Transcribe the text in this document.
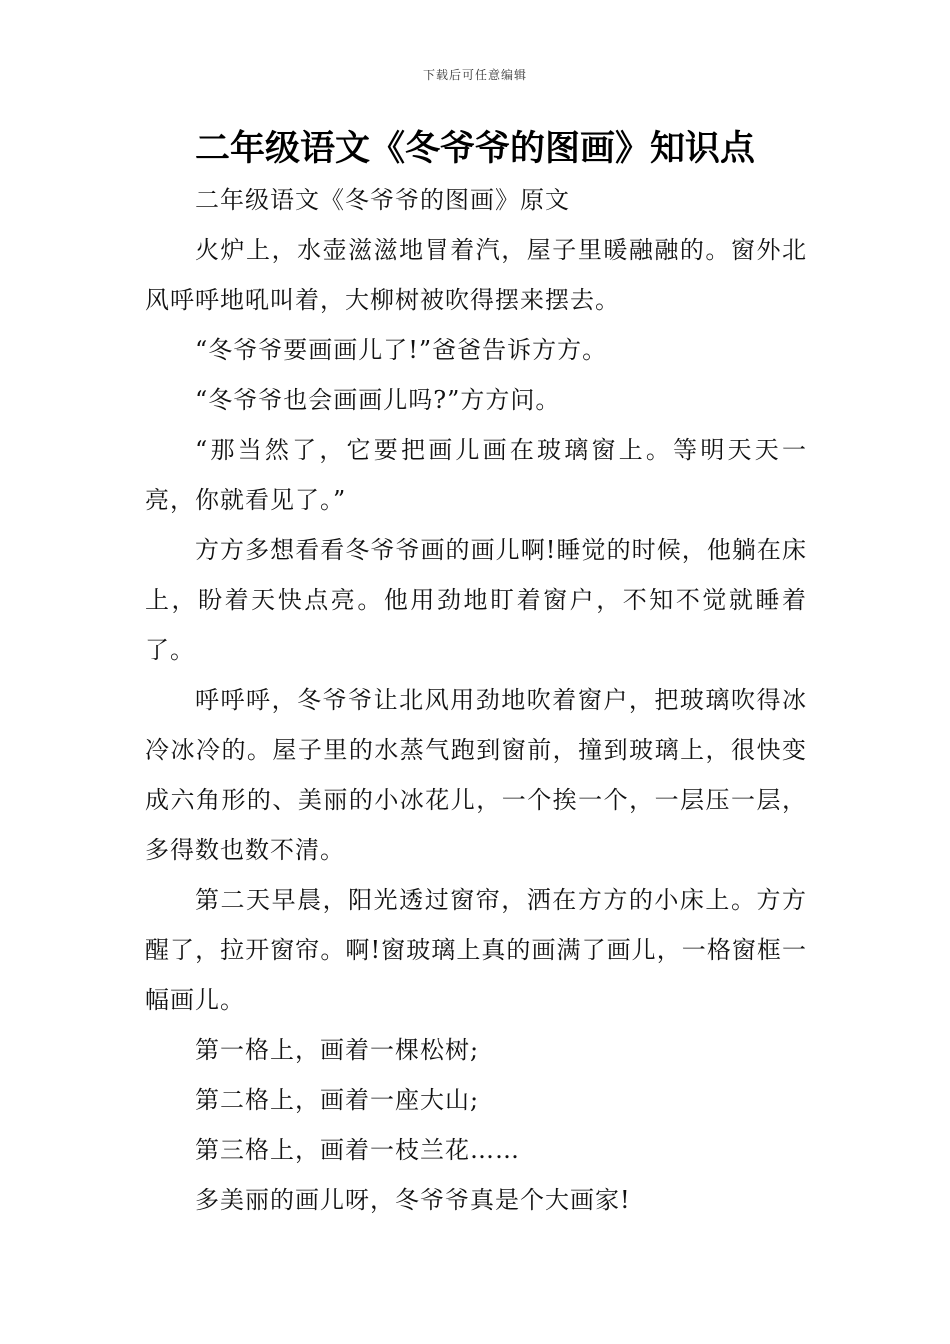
下载后可任意编辑
二年级语文《冬爷爷的图画》知识点

二年级语文《冬爷爷的图画》原文

火炉上，水壶滋滋地冒着汽，屋子里暖融融的。窗外北风呼呼地吼叫着，大柳树被吹得摆来摆去。

“冬爷爷要画画儿了!”爸爸告诉方方。

“冬爷爷也会画画儿吗?”方方问。

“那当然了，它要把画儿画在玻璃窗上。等明天天一亮，你就看见了。”

方方多想看看冬爷爷画的画儿啊!睡觉的时候，他躺在床上，盼着天快点亮。他用劲地盯着窗户，不知不觉就睡着了。

呼呼呼，冬爷爷让北风用劲地吹着窗户，把玻璃吹得冰冷冰冷的。屋子里的水蒸气跑到窗前，撞到玻璃上，很快变成六角形的、美丽的小冰花儿，一个挨一个，一层压一层，多得数也数不清。

第二天早晨，阳光透过窗帘，洒在方方的小床上。方方醒了，拉开窗帘。啊!窗玻璃上真的画满了画儿，一格窗框一幅画儿。

第一格上，画着一棵松树;

第二格上，画着一座大山;

第三格上，画着一枝兰花……

多美丽的画儿呀，冬爷爷真是个大画家!
